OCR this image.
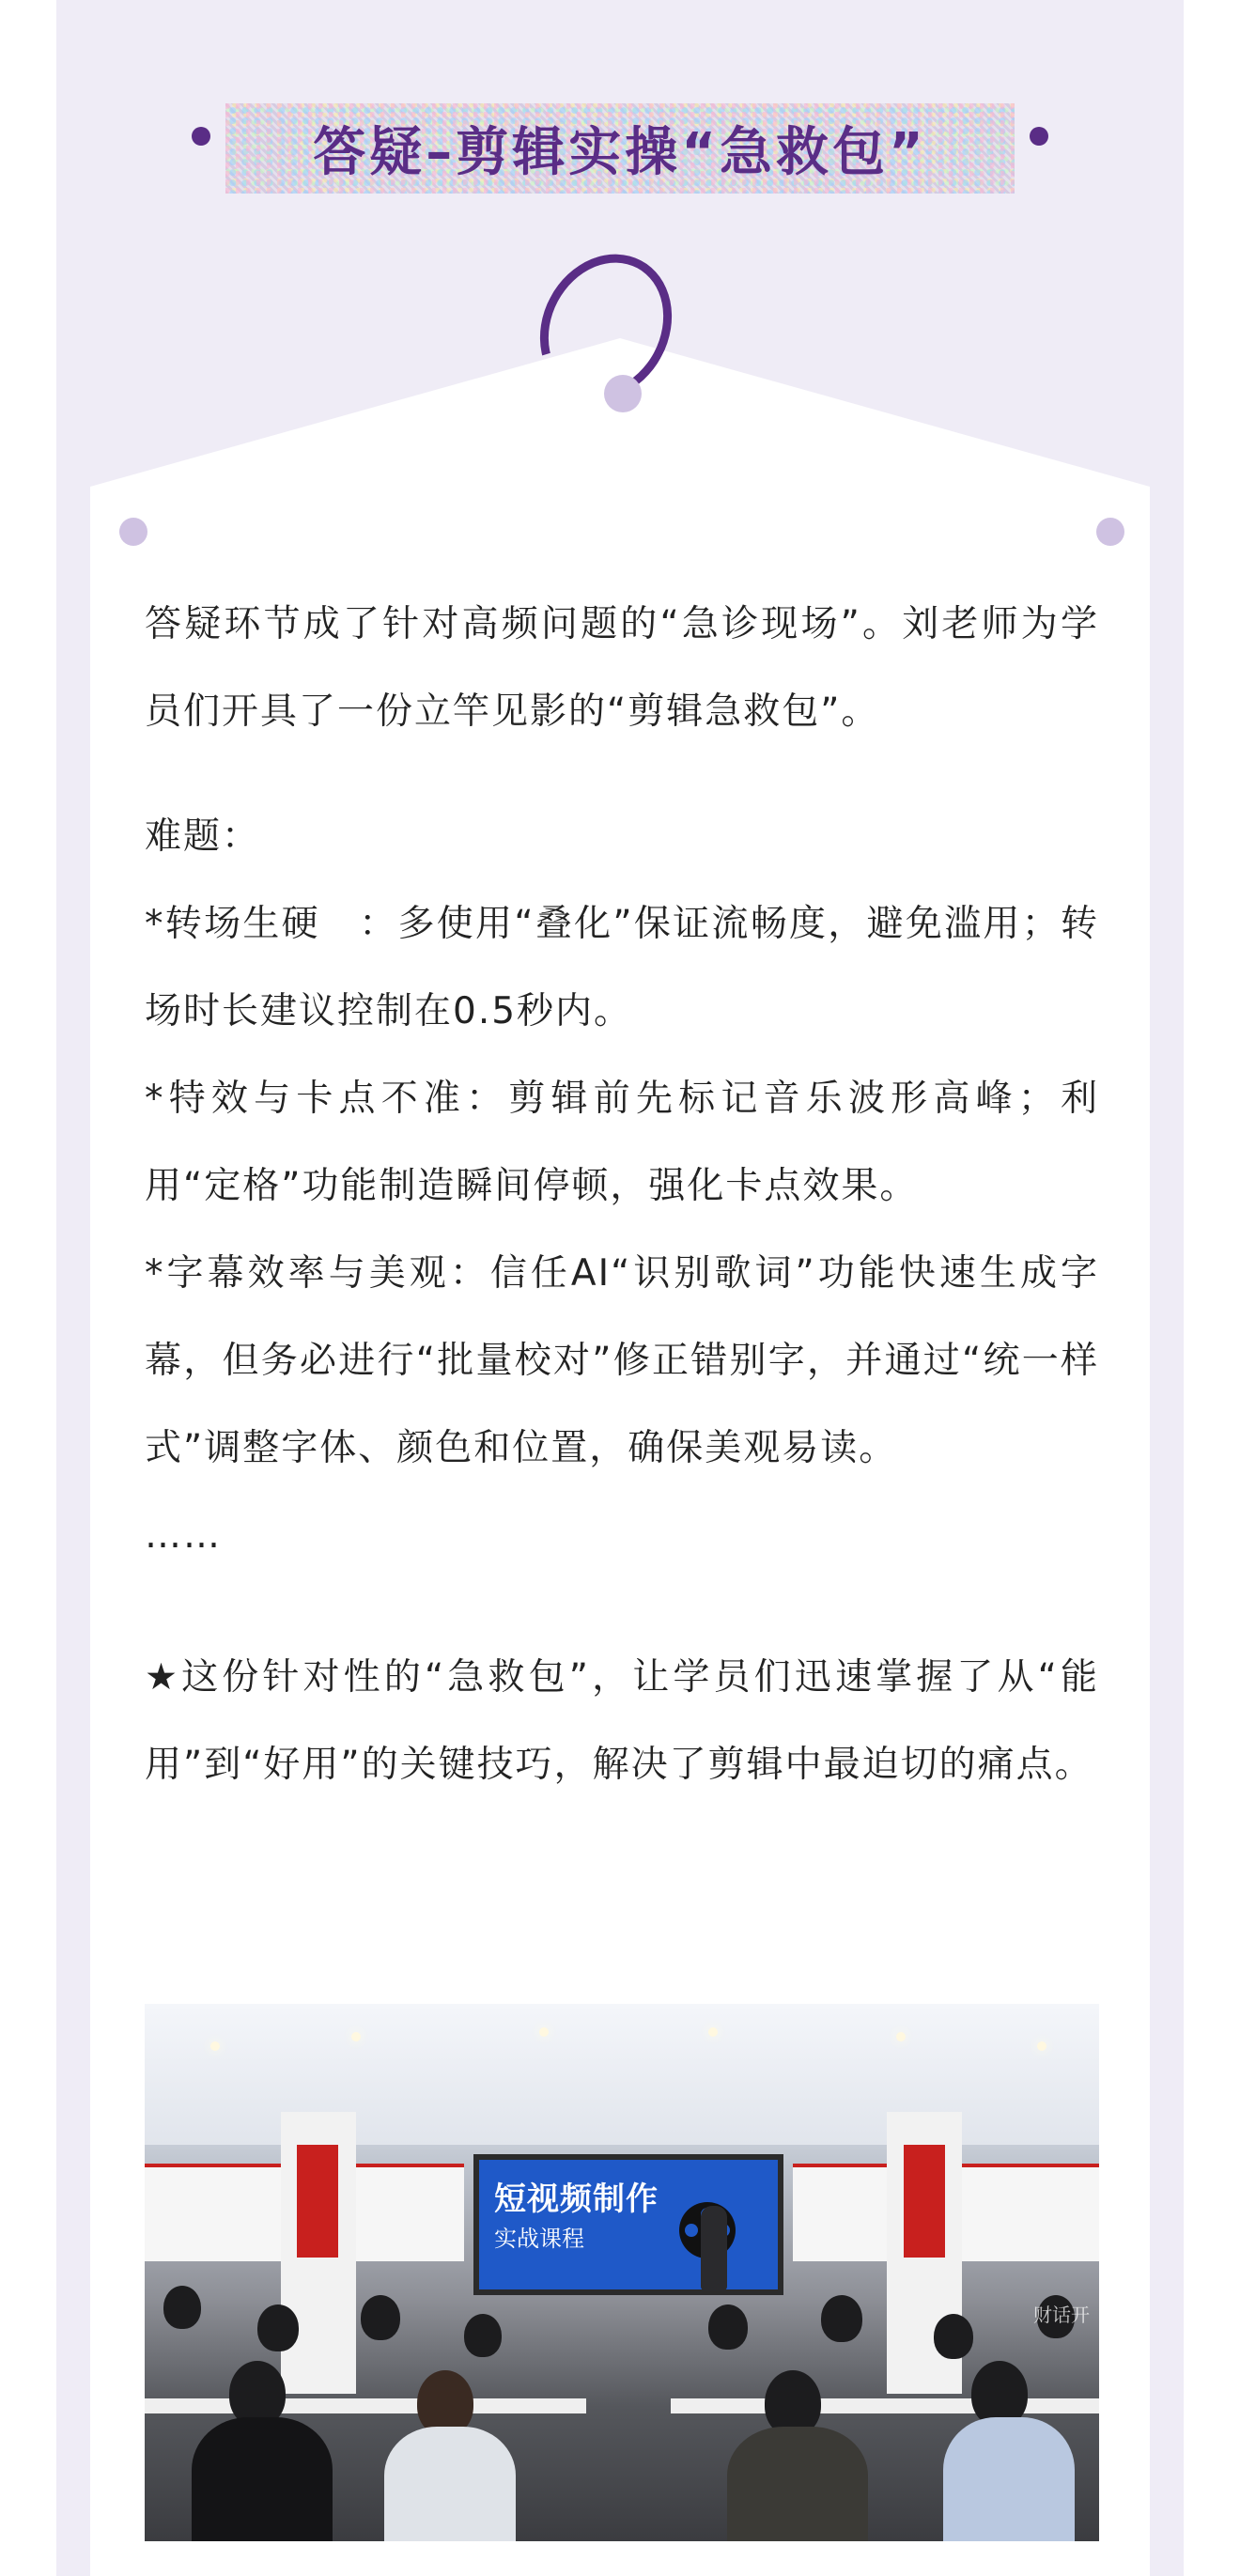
答疑–剪辑实操“急救包”

答疑环节成了针对高频问题的“急诊现场”。刘老师为学员们开具了一份立竿见影的“剪辑急救包”。

难题：

*转场生硬　：多使用“叠化”保证流畅度，避免滥用；转场时长建议控制在0.5秒内。

*特效与卡点不准：剪辑前先标记音乐波形高峰；利用“定格”功能制造瞬间停顿，强化卡点效果。

*字幕效率与美观：信任AI“识别歌词”功能快速生成字幕，但务必进行“批量校对”修正错别字，并通过“统一样式”调整字体、颜色和位置，确保美观易读。

……

★这份针对性的“急救包”，让学员们迅速掌握了从“能用”到“好用”的关键技巧，解决了剪辑中最迫切的痛点。

短视频制作
实战课程
财话开
